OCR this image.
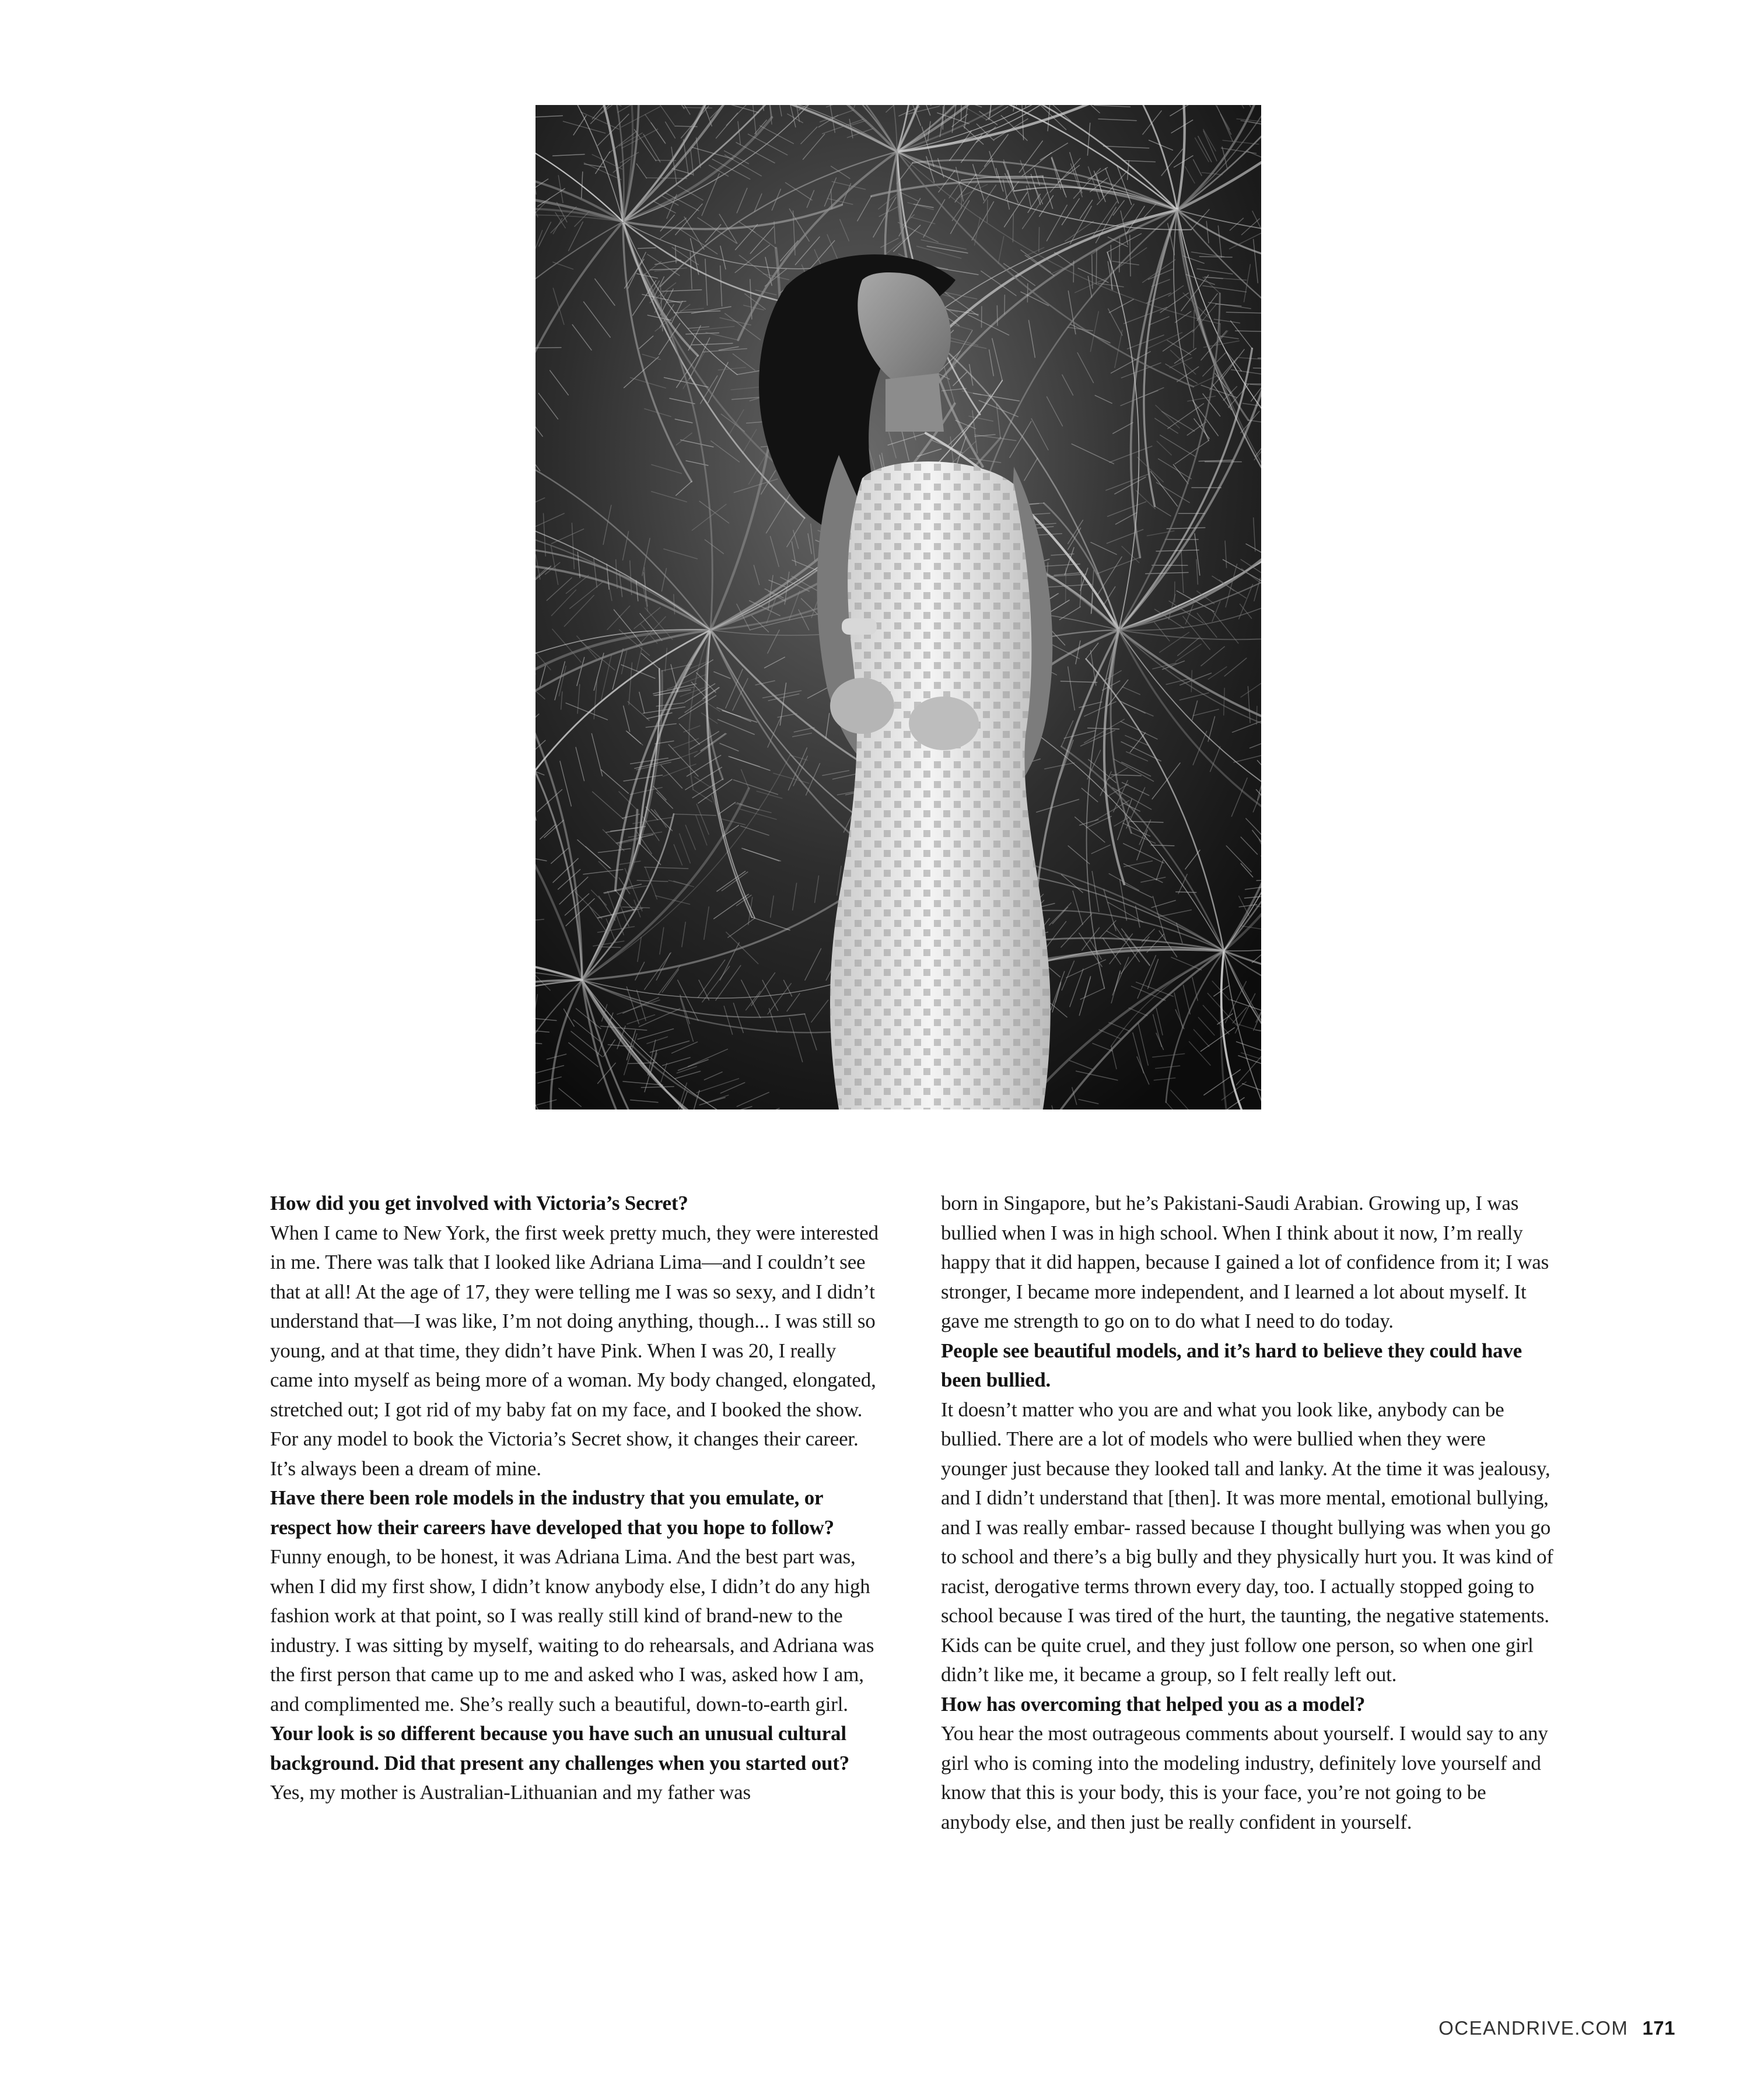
How did you get involved with Victoria’s Secret?

When I came to New York, the first week pretty much, they were interested in me. There was talk that I looked like Adriana Lima—and I couldn’t see that at all! At the age of 17, they were telling me I was so sexy, and I didn’t understand that—I was like, I’m not doing anything, though... I was still so young, and at that time, they didn’t have Pink. When I was 20, I really came into myself as being more of a woman. My body changed, elongated, stretched out; I got rid of my baby fat on my face, and I booked the show. For any model to book the Victoria’s Secret show, it changes their career. It’s always been a dream of mine.

Have there been role models in the industry that you emulate, or respect how their careers have developed that you hope to follow?

Funny enough, to be honest, it was Adriana Lima. And the best part was, when I did my first show, I didn’t know anybody else, I didn’t do any high fashion work at that point, so I was really still kind of brand-new to the industry. I was sitting by myself, waiting to do rehearsals, and Adriana was the first person that came up to me and asked who I was, asked how I am, and complimented me. She’s really such a beautiful, down-to-earth girl.

Your look is so different because you have such an unusual cultural background. Did that present any challenges when you started out?

Yes, my mother is Australian-Lithuanian and my father was

born in Singapore, but he’s Pakistani-Saudi Arabian. Growing up, I was bullied when I was in high school. When I think about it now, I’m really happy that it did happen, because I gained a lot of confidence from it; I was stronger, I became more independent, and I learned a lot about myself. It gave me strength to go on to do what I need to do today.

People see beautiful models, and it’s hard to believe they could have been bullied.

It doesn’t matter who you are and what you look like, anybody can be bullied. There are a lot of models who were bullied when they were younger just because they looked tall and lanky. At the time it was jealousy, and I didn’t understand that [then]. It was more mental, emotional bullying, and I was really embar- rassed because I thought bullying was when you go to school and there’s a big bully and they physically hurt you. It was kind of racist, derogative terms thrown every day, too. I actually stopped going to school because I was tired of the hurt, the taunting, the negative statements. Kids can be quite cruel, and they just follow one person, so when one girl didn’t like me, it became a group, so I felt really left out.

How has overcoming that helped you as a model?

You hear the most outrageous comments about yourself. I would say to any girl who is coming into the modeling industry, definitely love yourself and know that this is your body, this is your face, you’re not going to be anybody else, and then just be really confident in yourself.

OCEANDRIVE.COM 171
